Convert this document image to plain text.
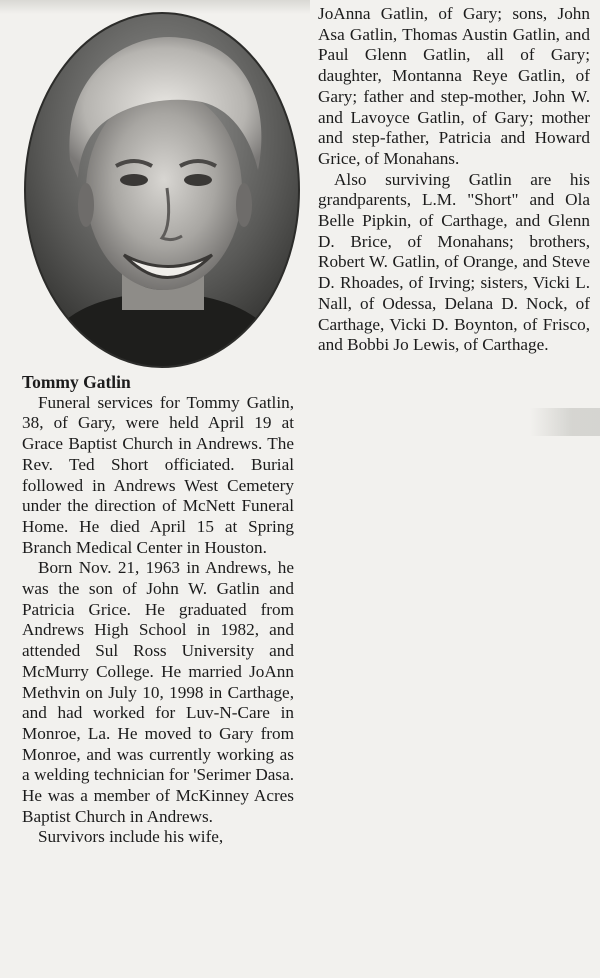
Tommy Gatlin

Funeral services for Tommy Gatlin, 38, of Gary, were held April 19 at Grace Baptist Church in Andrews. The Rev. Ted Short officiated. Burial followed in Andrews West Cemetery under the direction of McNett Funeral Home. He died April 15 at Spring Branch Medical Center in Houston.

Born Nov. 21, 1963 in Andrews, he was the son of John W. Gatlin and Patricia Grice. He graduated from Andrews High School in 1982, and attended Sul Ross University and McMurry College. He married JoAnn Methvin on July 10, 1998 in Carthage, and had worked for Luv-N-Care in Monroe, La. He moved to Gary from Monroe, and was currently working as a welding technician for 'Serimer Dasa. He was a member of McKinney Acres Baptist Church in Andrews.

Survivors include his wife,

JoAnna Gatlin, of Gary; sons, John Asa Gatlin, Thomas Austin Gatlin, and Paul Glenn Gatlin, all of Gary; daughter, Montanna Reye Gatlin, of Gary; father and step-mother, John W. and Lavoyce Gatlin, of Gary; mother and step-father, Patricia and Howard Grice, of Monahans.

Also surviving Gatlin are his grandparents, L.M. "Short" and Ola Belle Pipkin, of Carthage, and Glenn D. Brice, of Monahans; brothers, Robert W. Gatlin, of Orange, and Steve D. Rhoades, of Irving; sisters, Vicki L. Nall, of Odessa, Delana D. Nock, of Carthage, Vicki D. Boynton, of Frisco, and Bobbi Jo Lewis, of Carthage.
